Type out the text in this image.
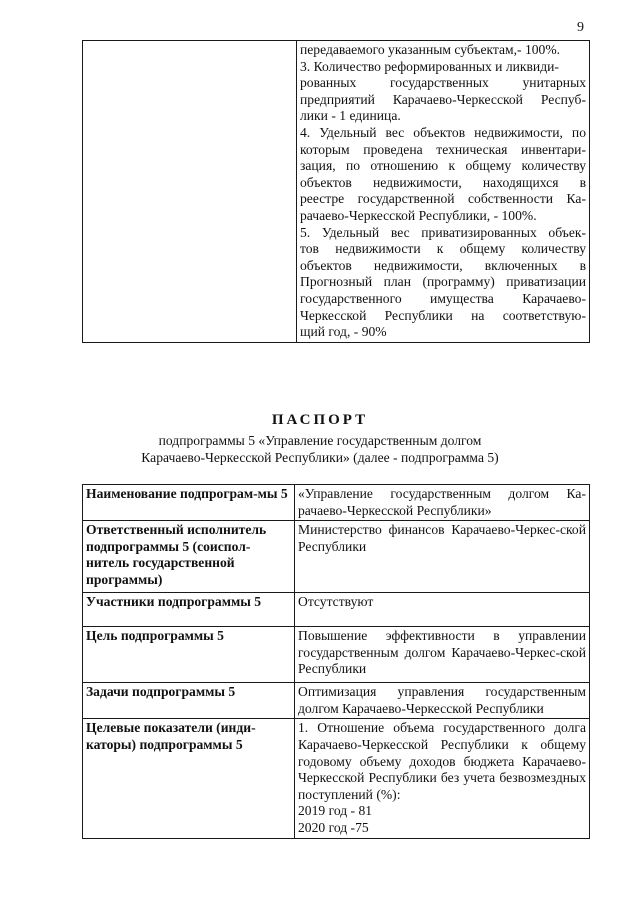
9

передаваемого указанным субъектам,- 100%.
3. Количество реформированных и ликвиди-
рованных государственных унитарных
предприятий Карачаево-Черкесской Респуб-
лики - 1 единица.
4. Удельный вес объектов недвижимости, по
которым проведена техническая инвентари-
зация, по отношению к общему количеству
объектов недвижимости, находящихся в
реестре государственной собственности Ка-
рачаево-Черкесской Республики, - 100%.
5. Удельный вес приватизированных объек-
тов недвижимости к общему количеству
объектов недвижимости, включенных в
Прогнозный план (программу) приватизации
государственного имущества Карачаево-
Черкесской Республики на соответствую-
щий год, - 90%
ПАСПОРТ
подпрограммы 5 «Управление государственным долгом
Карачаево-Черкесской Республики» (далее - подпрограмма 5)
Наименование подпрограм-мы 5	«Управление государственным долгом Ка-рачаево-Черкесской Республики»
Ответственный исполнитель подпрограммы 5 (соиспол-нитель государственной программы)	Министерство финансов Карачаево-Черкес-ской Республики
Участники подпрограммы 5	Отсутствуют
Цель подпрограммы 5	Повышение эффективности в управлении государственным долгом Карачаево-Черкес-ской Республики
Задачи подпрограммы 5	Оптимизация управления государственным долгом Карачаево-Черкесской Республики
Целевые показатели (инди-каторы) подпрограммы 5	1. Отношение объема государственного долга Карачаево-Черкесской Республики к общему годовому объему доходов бюджета Карачаево-Черкесской Республики без учета безвозмездных поступлений (%):
2019 год - 81
2020 год -75
